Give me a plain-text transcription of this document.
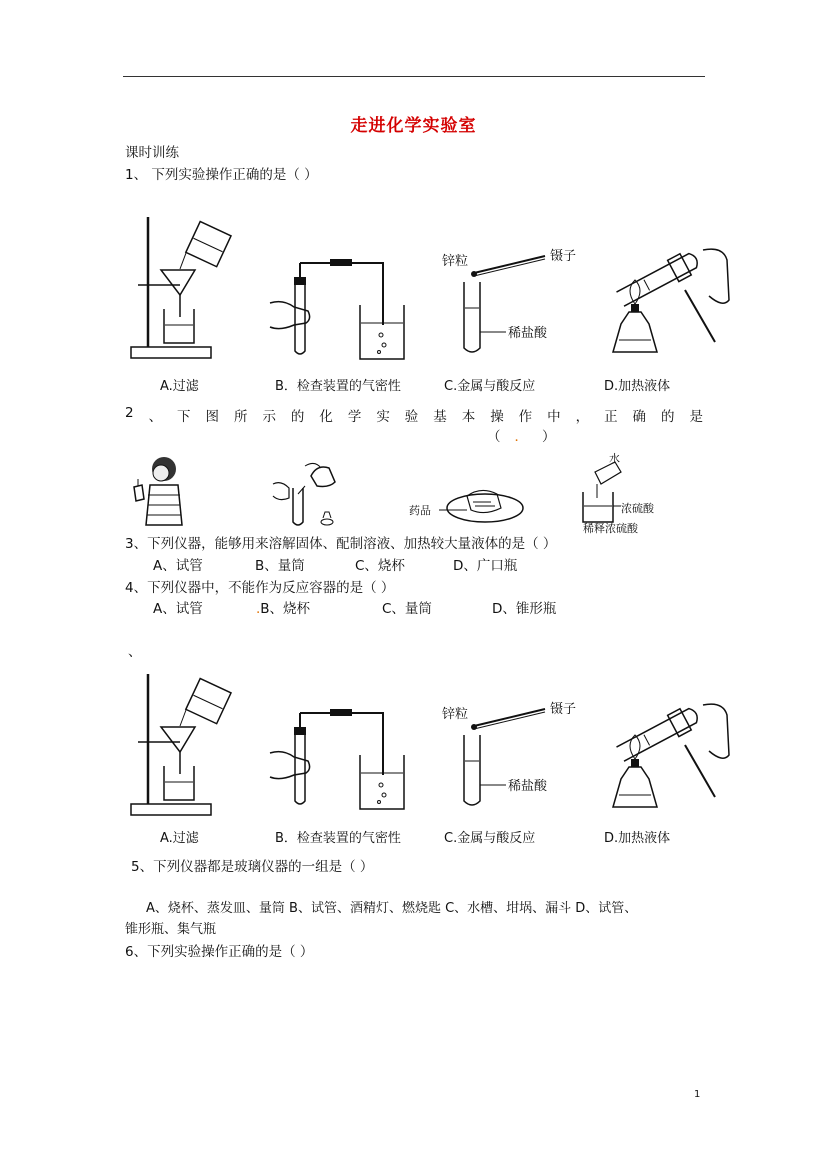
走进化学实验室
课时训练
1、 下列实验操作正确的是（ ）
锌粒	镊子
稀盐酸
A.过滤	B．检查装置的气密性	C.金属与酸反应	D.加热液体
2 、 下 图 所 示 的 化 学 实 验 基 本 操 作 中 ， 正 确 的 是
（ ． ）
药品
水
浓硫酸
稀释浓硫酸
3、下列仪器，能够用来溶解固体、配制溶液、加热较大量液体的是（ ）
A、试管	B、量筒	C、烧杯	D、广口瓶
4、下列仪器中，不能作为反应容器的是（ ）
A、试管	.B、烧杯	C、量筒	D、锥形瓶
、
锌粒	镊子
稀盐酸
A.过滤	B．检查装置的气密性	C.金属与酸反应	D.加热液体
5、下列仪器都是玻璃仪器的一组是（ ）
A、烧杯、蒸发皿、量筒 B、试管、酒精灯、燃烧匙 C、水槽、坩埚、漏斗 D、试管、
锥形瓶、集气瓶
6、下列实验操作正确的是（ ）
1
